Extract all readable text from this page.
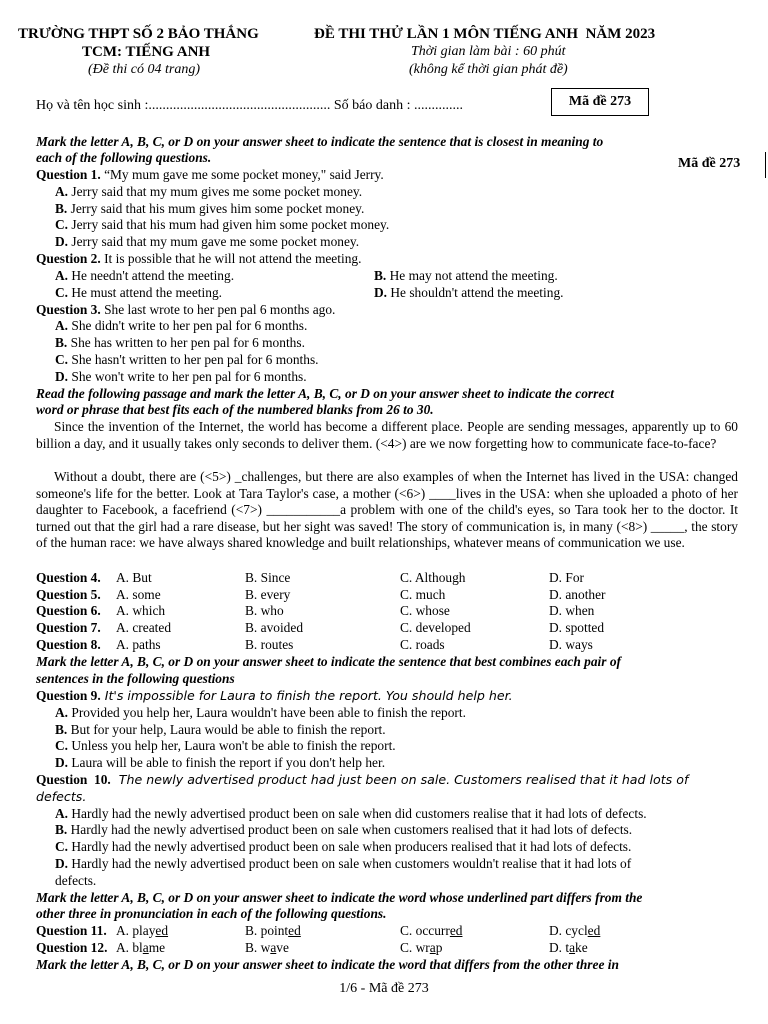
TRƯỜNG THPT SỐ 2 BẢO THẮNG
TCM: TIẾNG ANH
(Đề thi có 04 trang)
ĐỀ THI THỬ LẦN 1 MÔN TIẾNG ANH  NĂM 2023
Thời gian làm bài : 60 phút
(không kể thời gian phát đề)
Họ và tên học sinh :.................................................... Số báo danh : ..............	Mã đề 273
Mark the letter A, B, C, or D on your answer sheet to indicate the sentence that is closest in meaning to
each of the following questions.	Mã đề 273
Question 1. “My mum gave me some pocket money," said Jerry.
A. Jerry said that my mum gives me some pocket money.
B. Jerry said that his mum gives him some pocket money.
C. Jerry said that his mum had given him some pocket money.
D. Jerry said that my mum gave me some pocket money.
Question 2. It is possible that he will not attend the meeting.
A. He needn't attend the meeting.	B. He may not attend the meeting.
C. He must attend the meeting.	D. He shouldn't attend the meeting.
Question 3. She last wrote to her pen pal 6 months ago.
A. She didn't write to her pen pal for 6 months.
B. She has written to her pen pal for 6 months.
C. She hasn't written to her pen pal for 6 months.
D. She won't write to her pen pal for 6 months.
Read the following passage and mark the letter A, B, C, or D on your answer sheet to indicate the correct
word or phrase that best fits each of the numbered blanks from 26 to 30.
Since the invention of the Internet, the world has become a different place. People are sending messages, apparently up to 60 billion a day, and it usually takes only seconds to deliver them. (<4>) are we now forgetting how to communicate face-to-face?
Without a doubt, there are (<5>) _challenges, but there are also examples of when the Internet has lived in the USA: changed someone's life for the better. Look at Tara Taylor's case, a mother (<6>) ____lives in the USA: when she uploaded a photo of her daughter to Facebook, a facefriend (<7>) ___________a problem with one of the child's eyes, so Tara took her to the doctor. It turned out that the girl had a rare disease, but her sight was saved! The story of communication is, in many (<8>) _____, the story of the human race: we have always shared knowledge and built relationships, whatever means of communication we use.
Question 4. A. But	B. Since	C. Although	D. For
Question 5. A. some	B. every	C. much	D. another
Question 6. A. which	B. who	C. whose	D. when
Question 7. A. created	B. avoided	C. developed	D. spotted
Question 8. A. paths	B. routes	C. roads	D. ways
Mark the letter A, B, C, or D on your answer sheet to indicate the sentence that best combines each pair of
sentences in the following questions
Question 9. It's impossible for Laura to finish the report. You should help her.
A. Provided you help her, Laura wouldn't have been able to finish the report.
B. But for your help, Laura would be able to finish the report.
C. Unless you help her, Laura won't be able to finish the report.
D. Laura will be able to finish the report if you don't help her.
Question  10.  The newly advertised product had just been on sale. Customers realised that it had lots of
defects.
A. Hardly had the newly advertised product been on sale when did customers realise that it had lots of defects.
B. Hardly had the newly advertised product been on sale when customers realised that it had lots of defects.
C. Hardly had the newly advertised product been on sale when producers realised that it had lots of defects.
D. Hardly had the newly advertised product been on sale when customers wouldn't realise that it had lots of
defects.
Mark the letter A, B, C, or D on your answer sheet to indicate the word whose underlined part differs from the
other three in pronunciation in each of the following questions.
Question 11. A. played	B. pointed	C. occurred	D. cycled
Question 12. A. blame	B. wave	C. wrap	D. take
Mark the letter A, B, C, or D on your answer sheet to indicate the word that differs from the other three in
1/6 - Mã đề 273
